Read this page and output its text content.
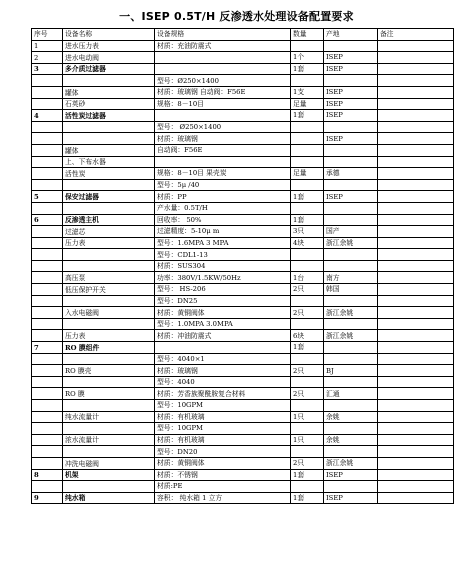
一、ISEP 0.5T/H 反渗透水处理设备配置要求
序号	设备名称	设备规格	数量	产地	备注
1	进水压力表	材质：充油防震式			
2	进水电动阀		1个	ISEP	
3	多介质过滤器		1套	ISEP	
		型号：Ø250×1400			
	罐体	材质：玻璃钢 自动阀：F56E	1支	ISEP	
	石英砂	规格：8－10目	足量	ISEP	
4	活性炭过滤器		1套	ISEP	
		型号： Ø250×1400			
		材质：玻璃钢		ISEP	
	罐体	自动阀：F56E			
	上、下布水器				
	活性炭	规格：8－10目 果壳炭	足量	承德	
		型号：5μ /40			
5	保安过滤器	材质：PP	1套	ISEP	
		产水量：0.5T/H			
6	反渗透主机	回收率： 50%	1套		
	过滤芯	过滤精度：5-10μ m	3只	国产	
	压力表	型号：1.6MPA 3 MPA	4块	浙江余姚	
		型号：CDL1-13			
		材质：SUS304			
	高压泵	功率：380V/1.5KW/50Hz	1台	南方	
	低压保护开关	型号： HS-206	2只	韩国	
		型号：DN25			
	入水电磁阀	材质：黄铜阀体	2只	浙江余姚	
		型号：1.0MPA 3.0MPA			
	压力表	材质：冲油防震式	6块	浙江余姚	
7	RO 膜组件		1套		
		型号：4040×1			
	RO 膜壳	材质：玻璃钢	2只	BJ	
		型号：4040			
	RO 膜	材质：芳香族聚酰胺复合材料	2只	汇通	
		型号：10GPM			
	纯水流量计	材质：有机玻璃	1只	余姚	
		型号：10GPM			
	浓水流量计	材质：有机玻璃	1只	余姚	
		型号：DN20			
	冲洗电磁阀	材质：黄铜阀体	2只	浙江余姚	
8	机架	材质：不锈钢	1套	ISEP	
		材质:PE			
9	纯水箱	容积： 纯水箱 1 立方	1套	ISEP	
